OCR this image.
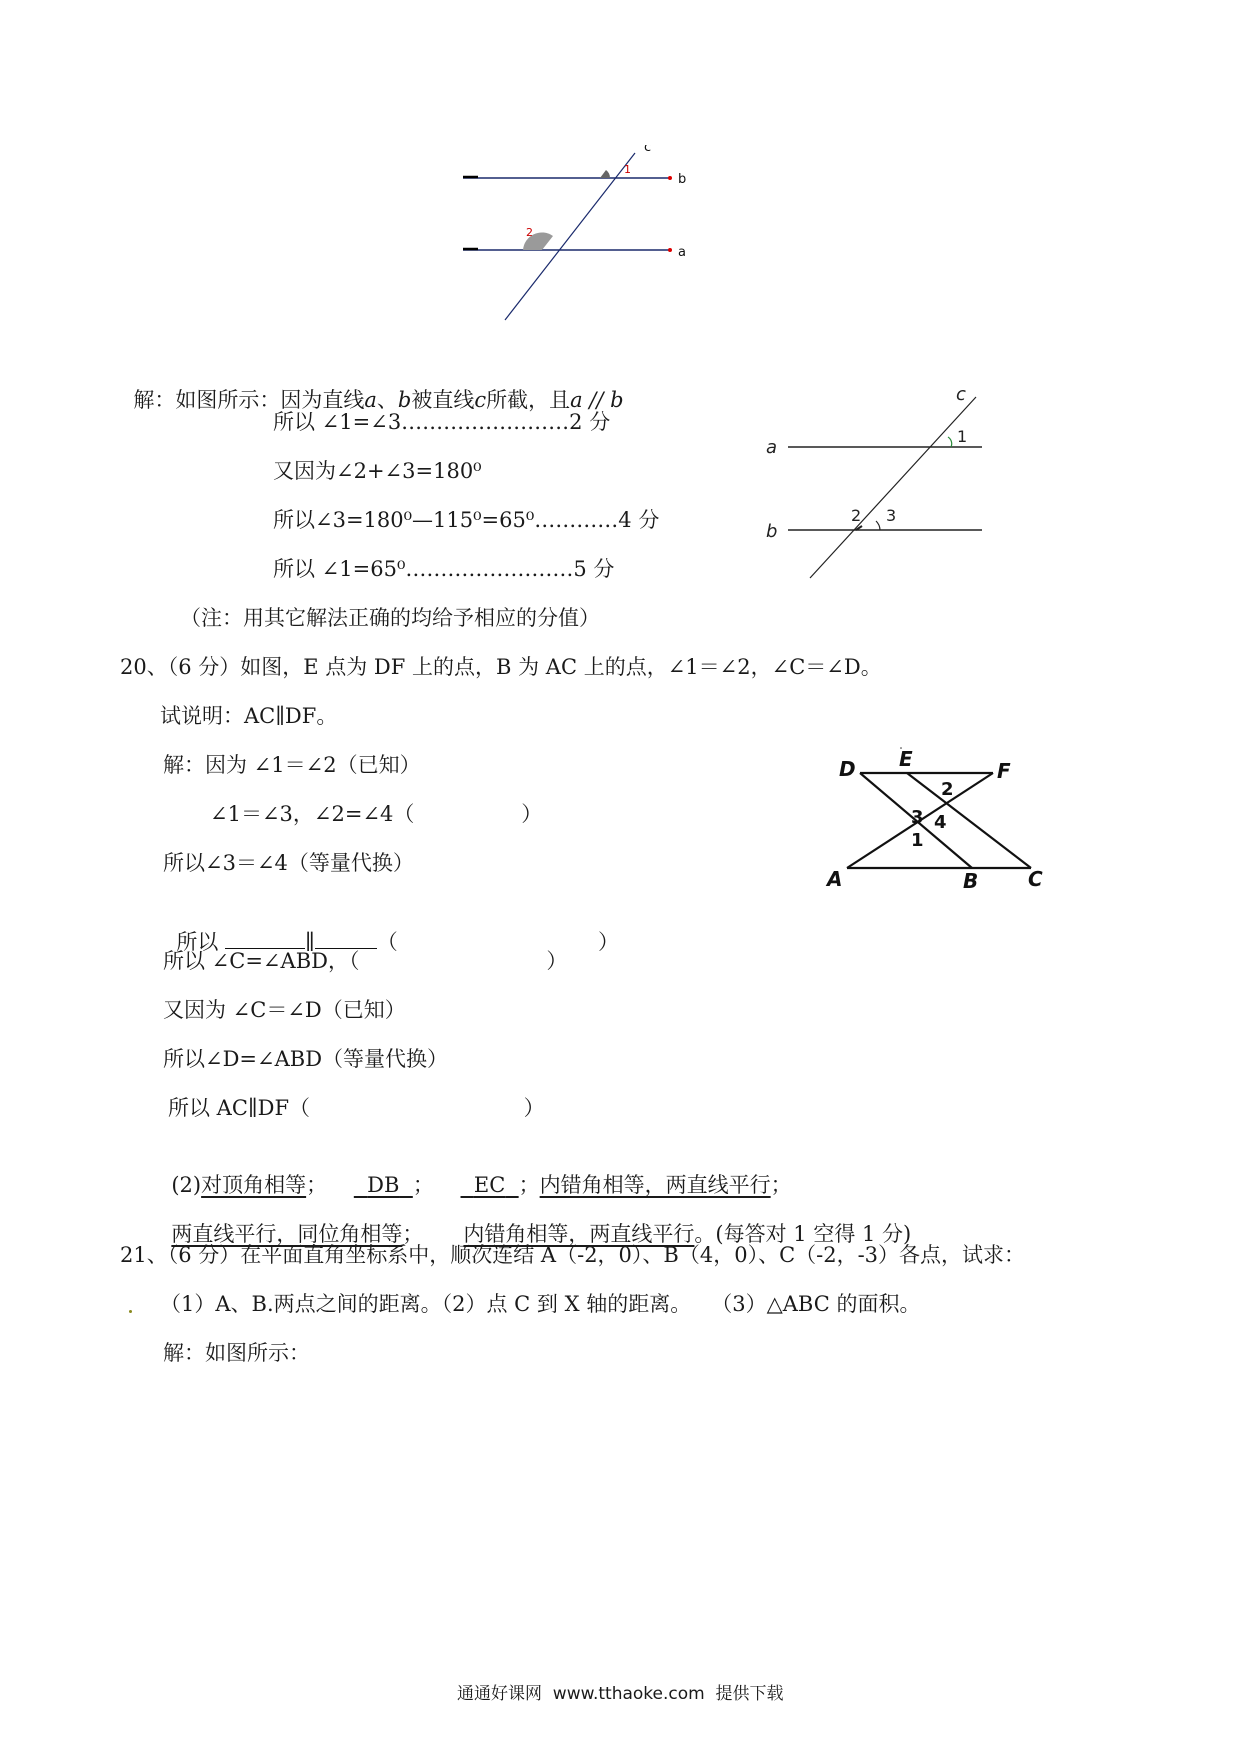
c
b
a
1
2

解：如图所示：因为直线a、b被直线c所截，且a // b

所以 ∠1=∠3……………………2 分
又因为∠2+∠3=180⁰
所以∠3=180⁰—115⁰=65⁰…………4 分
所以 ∠1=65⁰……………………5 分
（注：用其它解法正确的均给予相应的分值）
c
a
b
1
2 3
20、（6 分）如图，E 点为 DF 上的点，B 为 AC 上的点，∠1＝∠2，∠C＝∠D。
试说明：AC∥DF。
解：因为 ∠1＝∠2（已知）
∠1＝∠3，∠2=∠4（                ）
所以∠3＝∠4（等量代换）

所以	∥	（                              ）

所以 ∠C=∠ABD，（                            ）
又因为 ∠C＝∠D（已知）
所以∠D=∠ABD（等量代换）
所以 AC∥DF（                                ）

(2)对顶角相等； DB ； EC ；内错角相等，两直线平行；

两直线平行，同位角相等； 内错角相等，两直线平行。(每答对 1 空得 1 分)

D E	F
A	B C
2
3 4
1
21、（6 分）在平面直角坐标系中，顺次连结 A（-2，0）、B（4，0）、C（-2，-3）各点，试求：
（1）A、B.两点之间的距离。（2）点 C 到 X 轴的距离。   （3）△ABC 的面积。
解：如图所示：
通通好课网  www.tthaoke.com  提供下载
